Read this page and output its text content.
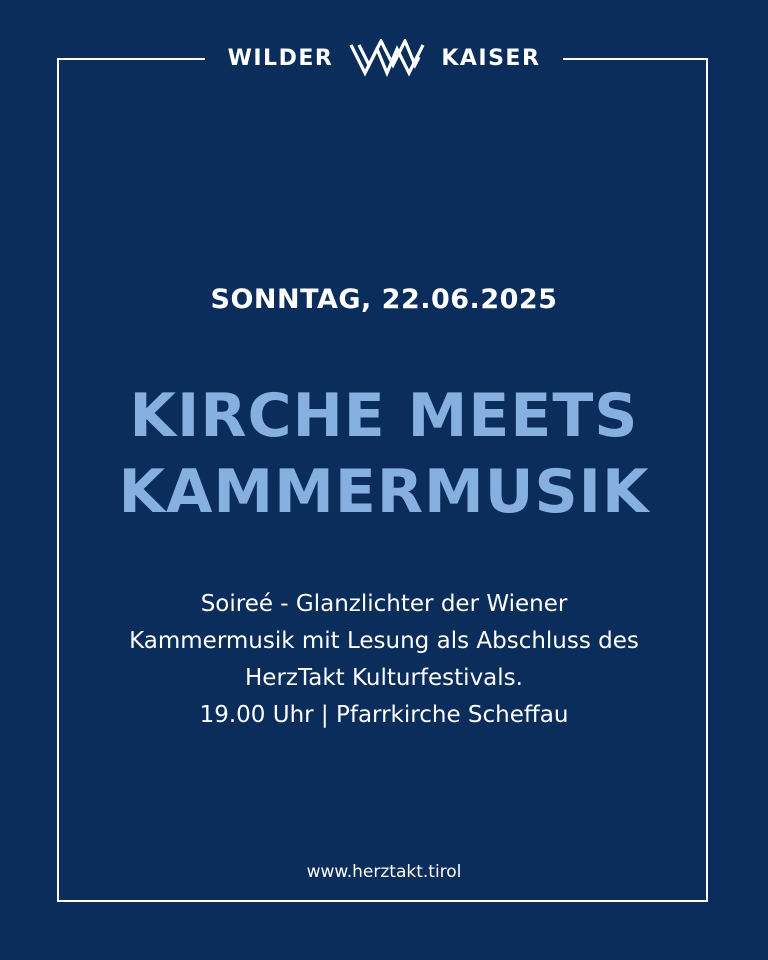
WILDER	KAISER
SONNTAG, 22.06.2025
KIRCHE MEETS
KAMMERMUSIK
Soireé - Glanzlichter der Wiener
Kammermusik mit Lesung als Abschluss des
HerzTakt Kulturfestivals.
19.00 Uhr | Pfarrkirche Scheffau
www.herztakt.tirol
